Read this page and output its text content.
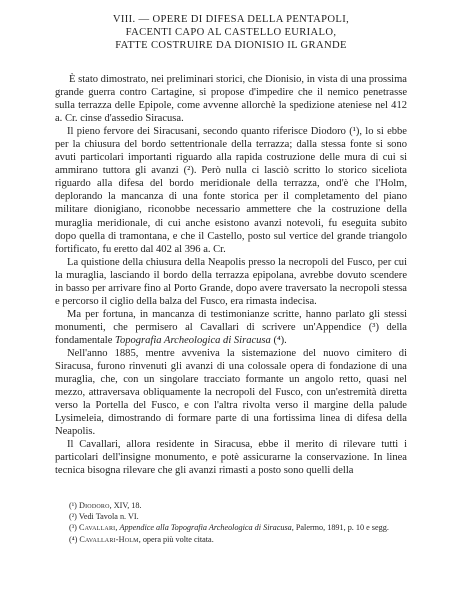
VIII. — OPERE DI DIFESA DELLA PENTAPOLI,
FACENTI CAPO AL CASTELLO EURIALO,
FATTE COSTRUIRE DA DIONISIO IL GRANDE

È stato dimostrato, nei preliminari storici, che Dionisio, in vista di una prossima grande guerra contro Cartagine, si propose d'impedire che il nemico penetrasse sulla terrazza delle Epipole, come avvenne allorchè la spedizione ateniese nel 412 a. Cr. cinse d'assedio Siracusa.

Il pieno fervore dei Siracusani, secondo quanto riferisce Diodoro (¹), lo si ebbe per la chiusura del bordo settentrionale della terrazza; dalla stessa fonte si sono avuti particolari importanti riguardo alla rapida costruzione delle mura di cui si ammirano tuttora gli avanzi (²). Però nulla ci lasciò scritto lo storico siceliota riguardo alla difesa del bordo meridionale della terrazza, ond'è che l'Holm, deplorando la mancanza di una fonte storica per il completamento del piano militare dionigiano, riconobbe necessario ammettere che la costruzione della muraglia meridionale, di cui anche esistono avanzi notevoli, fu eseguita subito dopo quella di tramontana, e che il Castello, posto sul vertice del grande triangolo fortificato, fu eretto dal 402 al 396 a. Cr.

La quistione della chiusura della Neapolis presso la necropoli del Fusco, per cui la muraglia, lasciando il bordo della terrazza epipolana, avrebbe dovuto scendere in basso per arrivare fino al Porto Grande, dopo avere traversato la necropoli stessa e percorso il ciglio della balza del Fusco, era rimasta indecisa.

Ma per fortuna, in mancanza di testimonianze scritte, hanno parlato gli stessi monumenti, che permisero al Cavallari di scrivere un'Appendice (³) della fondamentale Topografia Archeologica di Siracusa (⁴).

Nell'anno 1885, mentre avveniva la sistemazione del nuovo cimitero di Siracusa, furono rinvenuti gli avanzi di una colossale opera di fondazione di una muraglia, che, con un singolare tracciato formante un angolo retto, quasi nel mezzo, attraversava obliquamente la necropoli del Fusco, con un'estremità diretta verso la Portella del Fusco, e con l'altra rivolta verso il margine della palude Lysimeleia, dimostrando di formare parte di una fortissima linea di difesa della Neapolis.

Il Cavallari, allora residente in Siracusa, ebbe il merito di rilevare tutti i particolari dell'insigne monumento, e potè assicurarne la conservazione. In linea tecnica bisogna rilevare che gli avanzi rimasti a posto sono quelli della

(¹) Diodoro, XIV, 18.

(²) Vedi Tavola n. VI.

(³) Cavallari, Appendice alla Topografia Archeologica di Siracusa, Palermo, 1891, p. 10 e segg.

(⁴) Cavallari-Holm, opera più volte citata.
